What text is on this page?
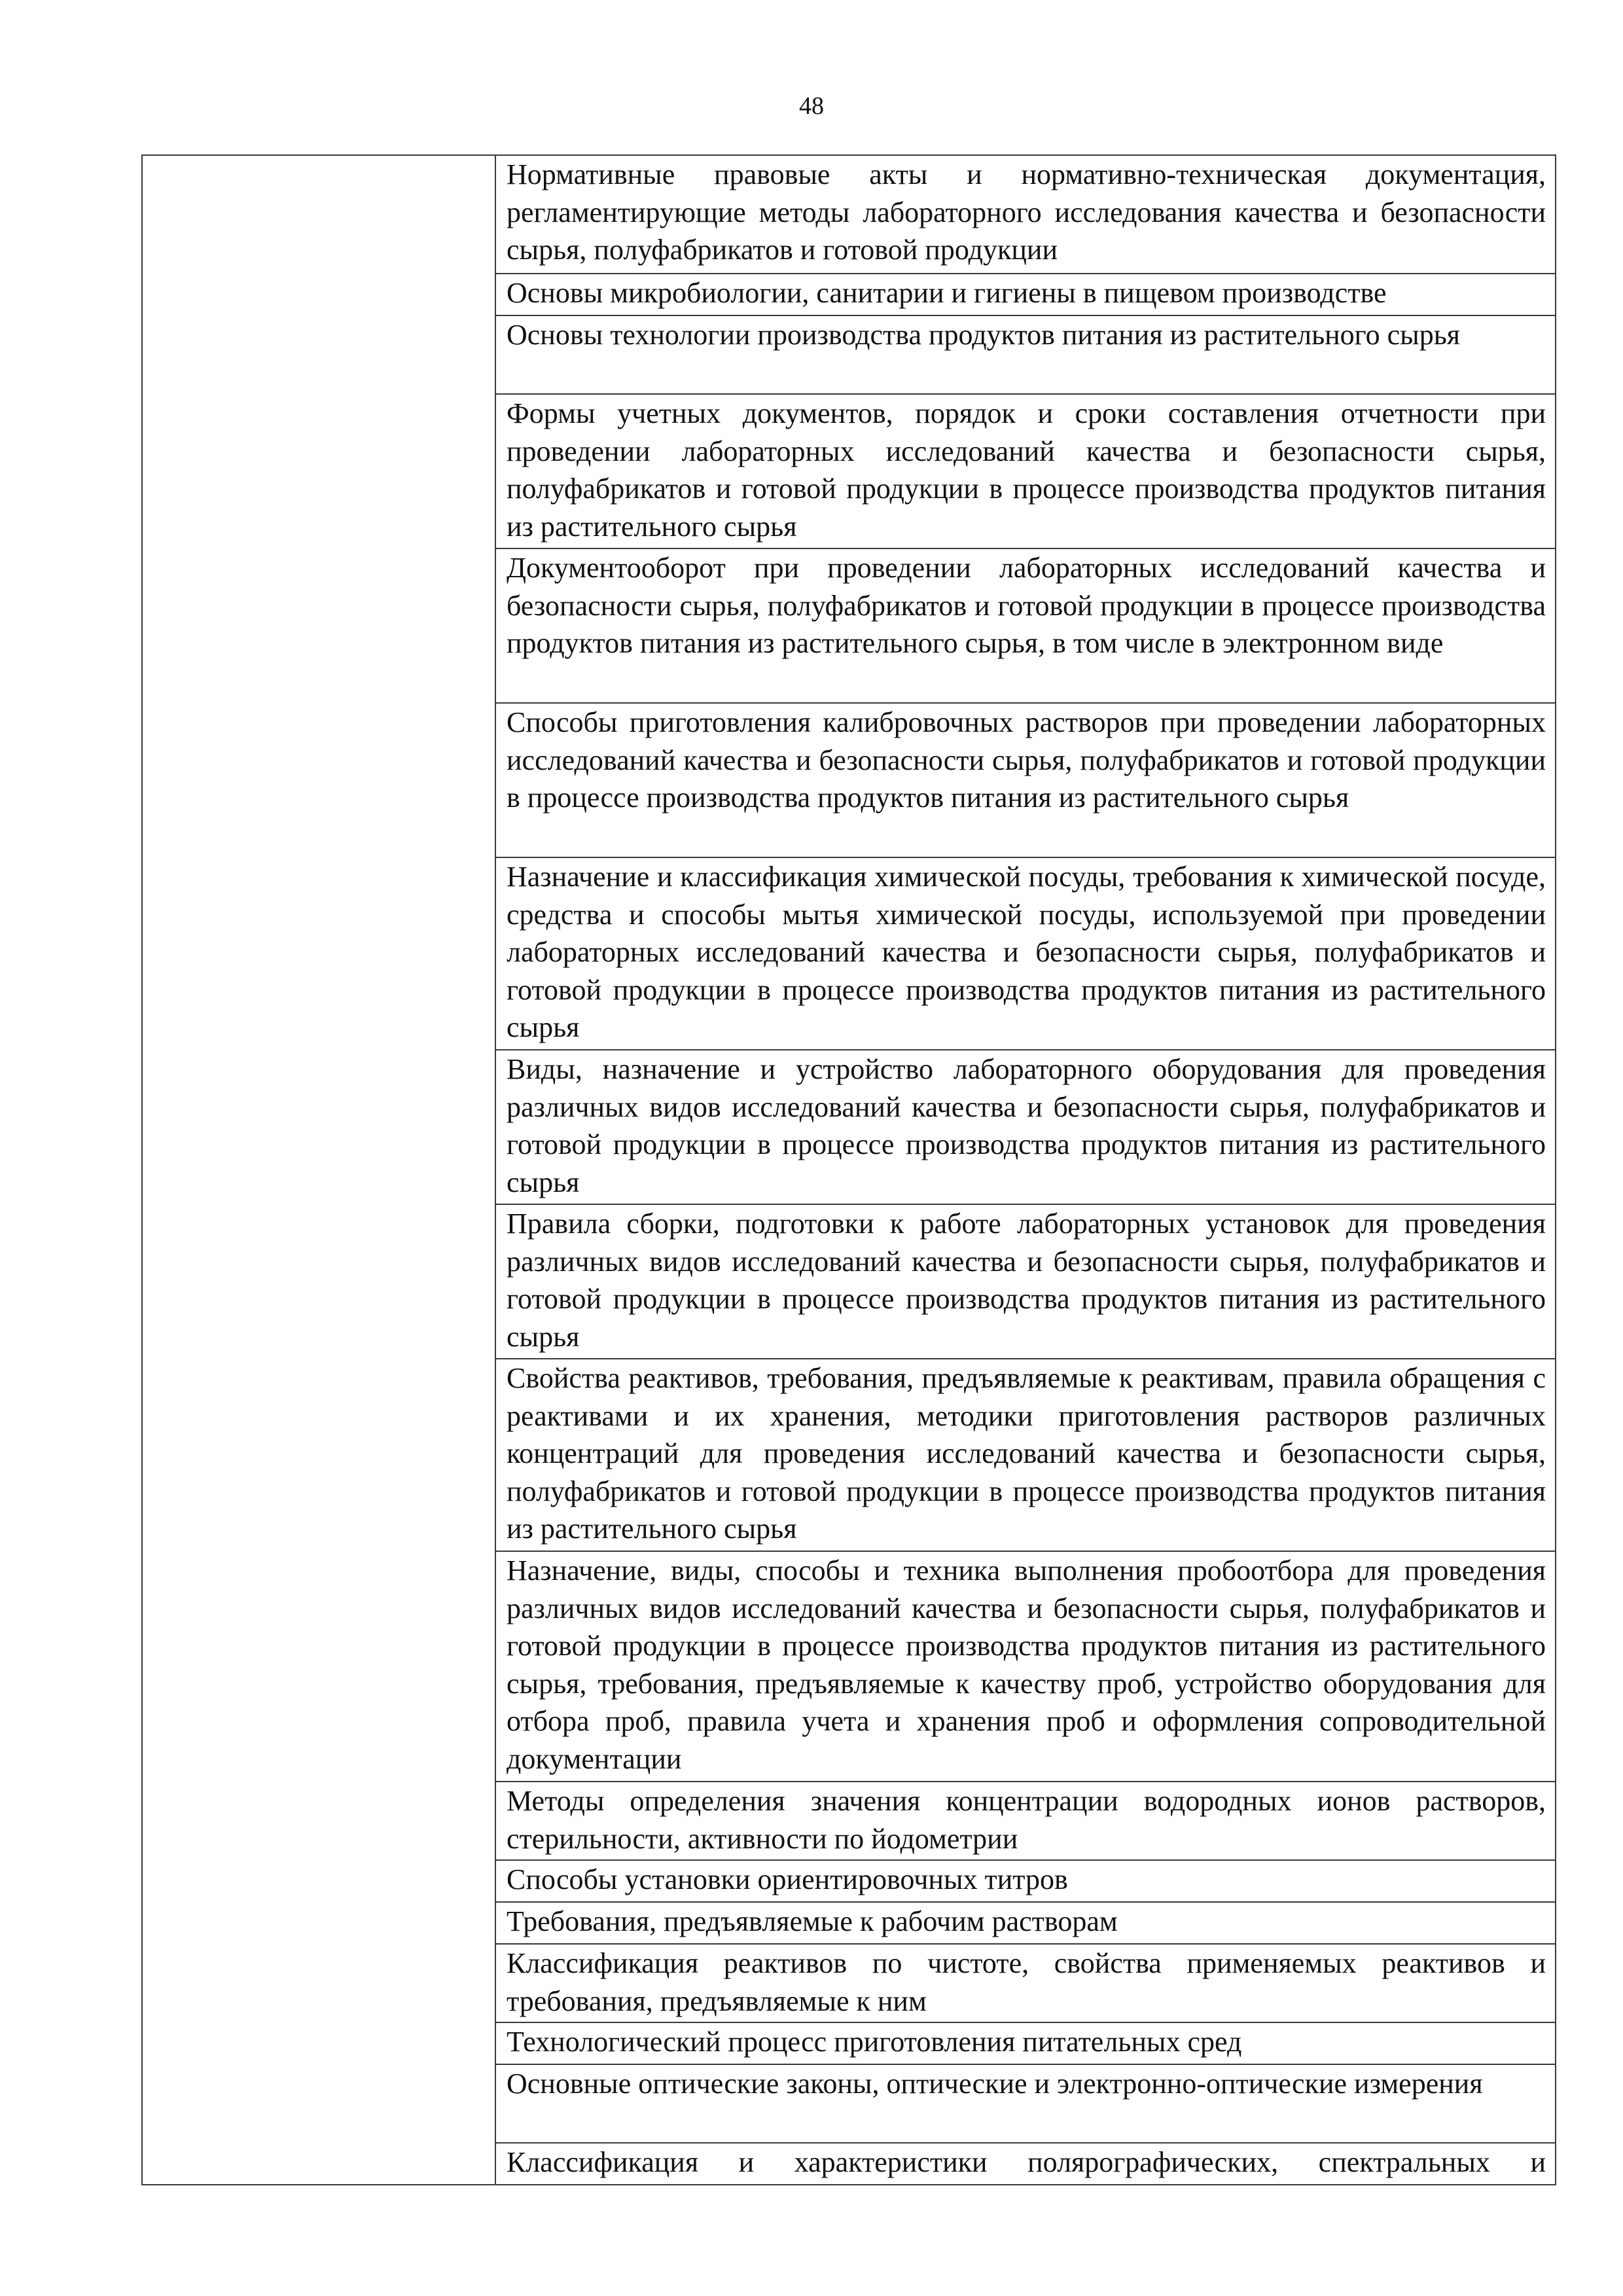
48
	Нормативные правовые акты и нормативно-техническая документация, регламентирующие методы лабораторного исследования качества и безопасности сырья, полуфабрикатов и готовой продукции
Основы микробиологии, санитарии и гигиены в пищевом производстве
Основы технологии производства продуктов питания из растительного сырья
Формы учетных документов, порядок и сроки составления отчетности при проведении лабораторных исследований качества и безопасности сырья, полуфабрикатов и готовой продукции в процессе производства продуктов питания из растительного сырья
Документооборот при проведении лабораторных исследований качества и безопасности сырья, полуфабрикатов и готовой продукции в процессе производства продуктов питания из растительного сырья, в том числе в электронном виде
Способы приготовления калибровочных растворов при проведении лабораторных исследований качества и безопасности сырья, полуфабрикатов и готовой продукции в процессе производства продуктов питания из растительного сырья
Назначение и классификация химической посуды, требования к химической посуде, средства и способы мытья химической посуды, используемой при проведении лабораторных исследований качества и безопасности сырья, полуфабрикатов и готовой продукции в процессе производства продуктов питания из растительного сырья
Виды, назначение и устройство лабораторного оборудования для проведения различных видов исследований качества и безопасности сырья, полуфабрикатов и готовой продукции в процессе производства продуктов питания из растительного сырья
Правила сборки, подготовки к работе лабораторных установок для проведения различных видов исследований качества и безопасности сырья, полуфабрикатов и готовой продукции в процессе производства продуктов питания из растительного сырья
Свойства реактивов, требования, предъявляемые к реактивам, правила обращения с реактивами и их хранения, методики приготовления растворов различных концентраций для проведения исследований качества и безопасности сырья, полуфабрикатов и готовой продукции в процессе производства продуктов питания из растительного сырья
Назначение, виды, способы и техника выполнения пробоотбора для проведения различных видов исследований качества и безопасности сырья, полуфабрикатов и готовой продукции в процессе производства продуктов питания из растительного сырья, требования, предъявляемые к качеству проб, устройство оборудования для отбора проб, правила учета и хранения проб и оформления сопроводительной документации
Методы определения значения концентрации водородных ионов растворов, стерильности, активности по йодометрии
Способы установки ориентировочных титров
Требования, предъявляемые к рабочим растворам
Классификация реактивов по чистоте, свойства применяемых реактивов и требования, предъявляемые к ним
Технологический процесс приготовления питательных сред
Основные оптические законы, оптические и электронно-оптические измерения
Классификация и характеристики полярографических, спектральных и
